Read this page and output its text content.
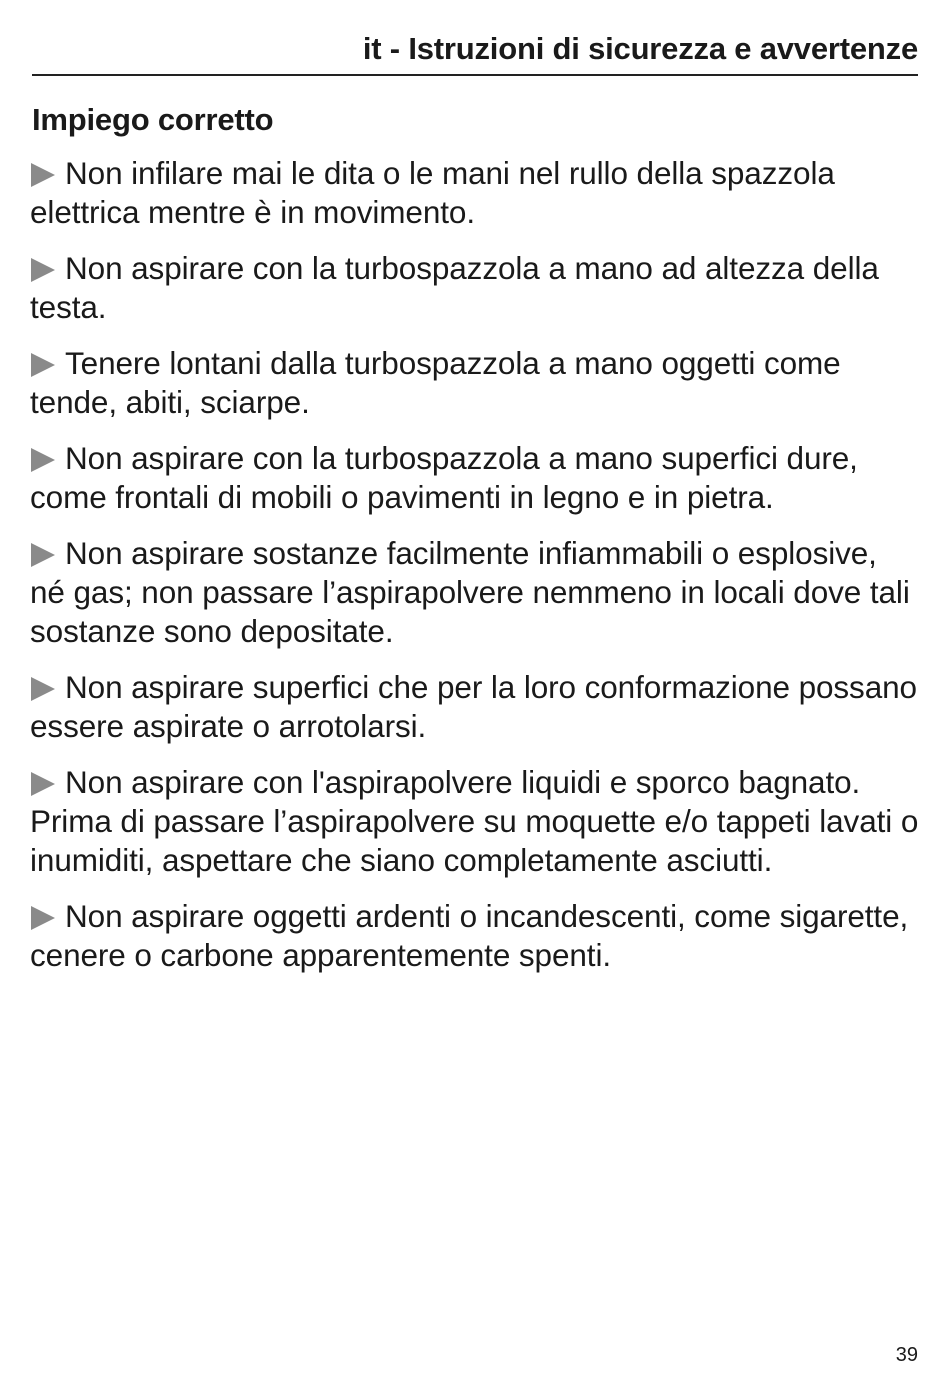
it - Istruzioni di sicurezza e avvertenze
Impiego corretto

Non infilare mai le dita o le mani nel rullo della spazzola elettrica mentre è in movimento.

Non aspirare con la turbospazzola a mano ad altezza della testa.

Tenere lontani dalla turbospazzola a mano oggetti come tende, abiti, sciarpe.

Non aspirare con la turbospazzola a mano superfici dure, come frontali di mobili o pavimenti in legno e in pietra.

Non aspirare sostanze facilmente infiammabili o esplosive, né gas; non passare l’aspirapolvere nemmeno in locali dove tali sostanze sono depositate.

Non aspirare superfici che per la loro conformazione possano essere aspirate o arrotolarsi.

Non aspirare con l'aspirapolvere liquidi e sporco bagnato. Prima di passare l’aspirapolvere su moquette e/o tappeti lavati o inumiditi, aspettare che siano completamente asciutti.

Non aspirare oggetti ardenti o incandescenti, come sigarette, cenere o carbone apparentemente spenti.

39
